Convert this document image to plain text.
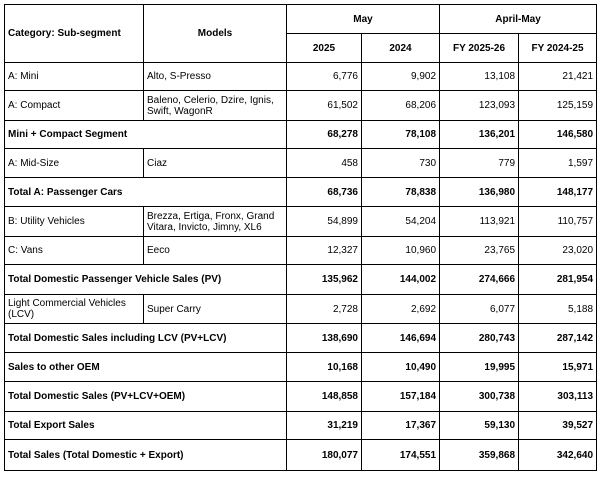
Category: Sub-segment	Models	May		April-May	
		2025	2024	FY 2025-26	FY 2024-25
A: Mini	Alto, S-Presso	6,776	9,902	13,108	21,421
A: Compact	Baleno, Celerio, Dzire, Ignis, Swift, WagonR	61,502	68,206	123,093	125,159
Mini + Compact Segment		68,278	78,108	136,201	146,580
A: Mid-Size	Ciaz	458	730	779	1,597
Total A: Passenger Cars		68,736	78,838	136,980	148,177
B: Utility Vehicles	Brezza, Ertiga, Fronx, Grand Vitara, Invicto, Jimny, XL6	54,899	54,204	113,921	110,757
C: Vans	Eeco	12,327	10,960	23,765	23,020
Total Domestic Passenger Vehicle Sales (PV)		135,962	144,002	274,666	281,954
Light Commercial Vehicles (LCV)	Super Carry	2,728	2,692	6,077	5,188
Total Domestic Sales including LCV (PV+LCV)		138,690	146,694	280,743	287,142
Sales to other OEM		10,168	10,490	19,995	15,971
Total Domestic Sales (PV+LCV+OEM)		148,858	157,184	300,738	303,113
Total Export Sales		31,219	17,367	59,130	39,527
Total Sales (Total Domestic + Export)		180,077	174,551	359,868	342,640
